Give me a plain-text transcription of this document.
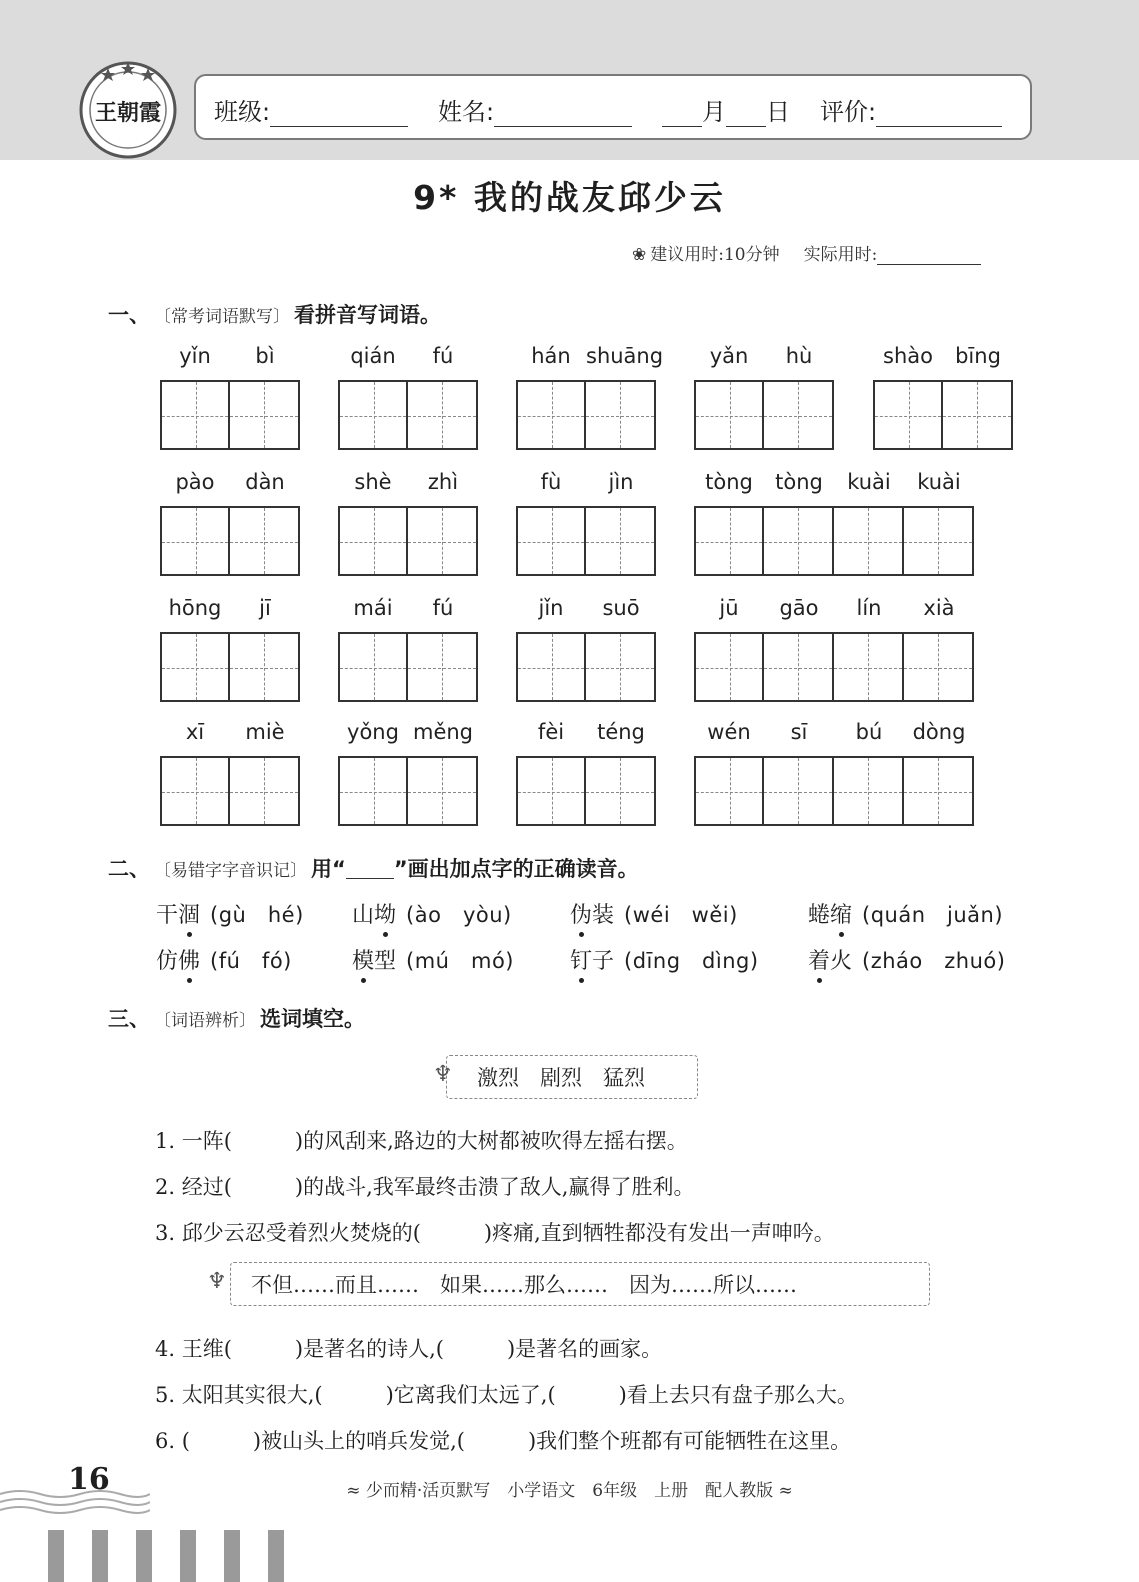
王朝霞 班级:	姓名:	月 日 评价:
9* 我的战友邱少云
❀ 建议用时:10分钟 实际用时:
一、 〔常考词语默写〕 看拼音写词语。
yǐn	bì	qián	fú	hán shuāng	yǎn	hù	shào	bīng
pào	dàn	shè	zhì	fù	jìn	tòng	tòng	kuài	kuài
hōng	jī	mái	fú	jǐn	suō	jū	gāo	lín	xià
xī	miè	yǒng měng	fèi	téng	wén	sī	bú	dòng
二、 〔易错字字音识记〕 用“ ”画出加点字的正确读音。
干 涸 (gù　hé) 山 坳 (ào　yòu)	伪 装 (wéi　wěi)	蜷 缩 (quán　juǎn)
仿 佛 (fú　fó)	模 型 (mú　mó)	钉 子 (dīng　dìng) 着 火 (zháo　zhuó)
三、 〔词语辨析〕 选词填空。
♆ 激烈　剧烈　猛烈
♆ 不但……而且……　如果……那么……　因为……所以……
1. 一阵(　　　)的风刮来,路边的大树都被吹得左摇右摆。
2. 经过(　　　)的战斗,我军最终击溃了敌人,赢得了胜利。
3. 邱少云忍受着烈火焚烧的(　　　)疼痛,直到牺牲都没有发出一声呻吟。
4. 王维(　　　)是著名的诗人,(　　　)是著名的画家。
5. 太阳其实很大,(　　　)它离我们太远了,(　　　)看上去只有盘子那么大。
6. (　　　)被山头上的哨兵发觉,(　　　)我们整个班都有可能牺牲在这里。
16	≈ 少而精·活页默写　小学语文　6年级　上册　配人教版 ≈
